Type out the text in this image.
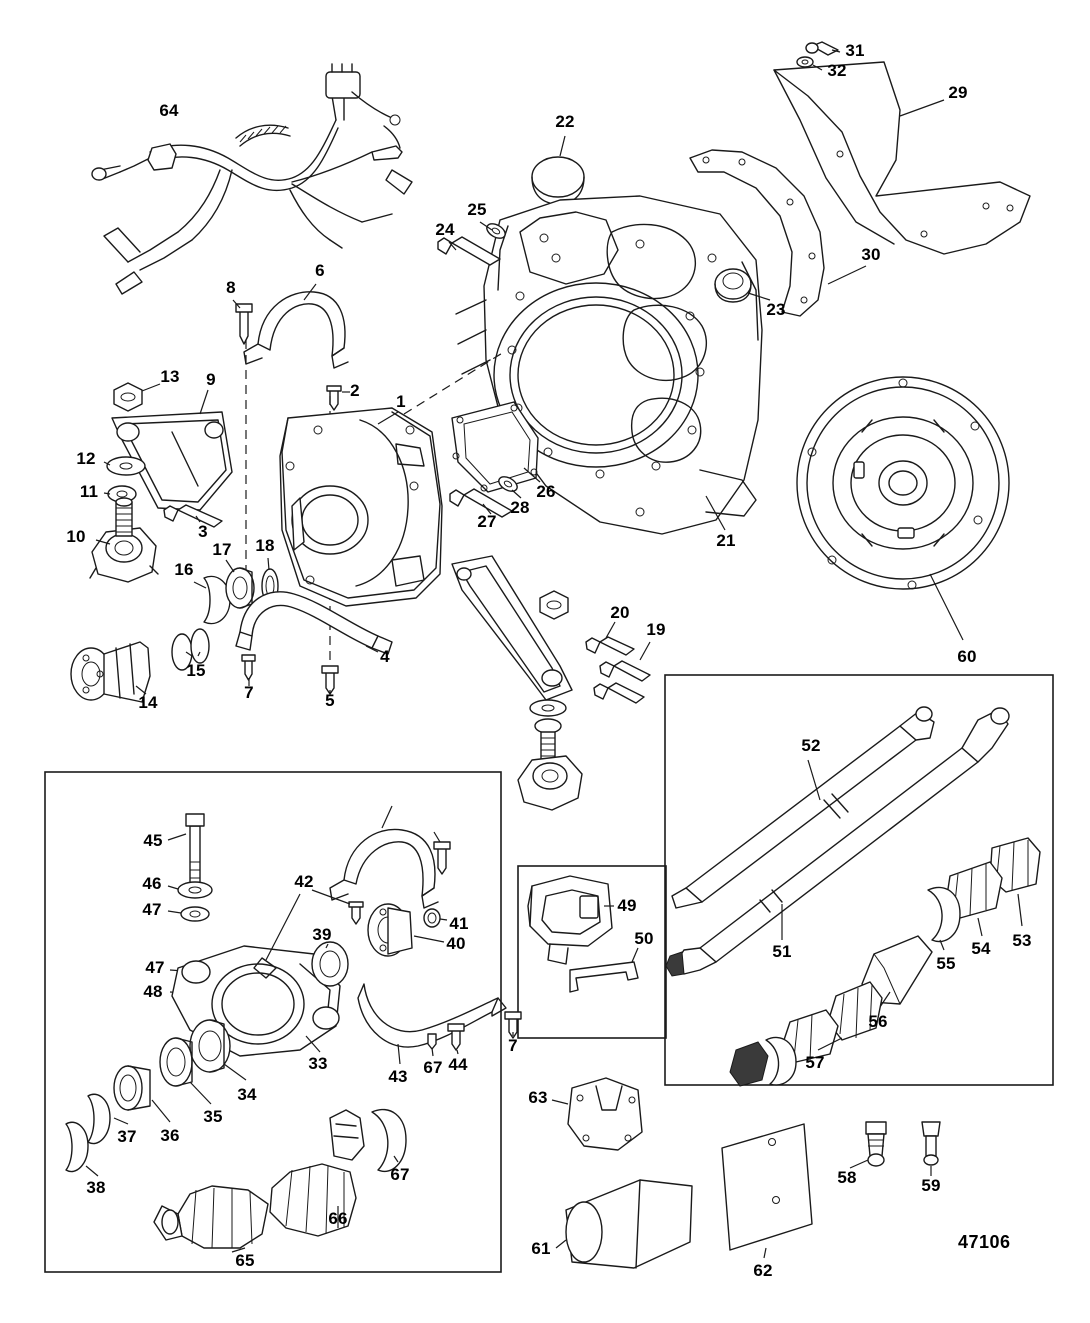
1
2
3
4
5
6
7
8
9
10
11
12
13
14
15
16
17 18
19
20
21
22
23
24
25
26
27
28
29
30
31
32
33
34
35
36
37
38
39	40
41
42
43
44
45
46
47
47
48
49
50
51
52
53
54
55
56
57
58	59
60
61
62
63
64
65
66
67
67
7
47106
